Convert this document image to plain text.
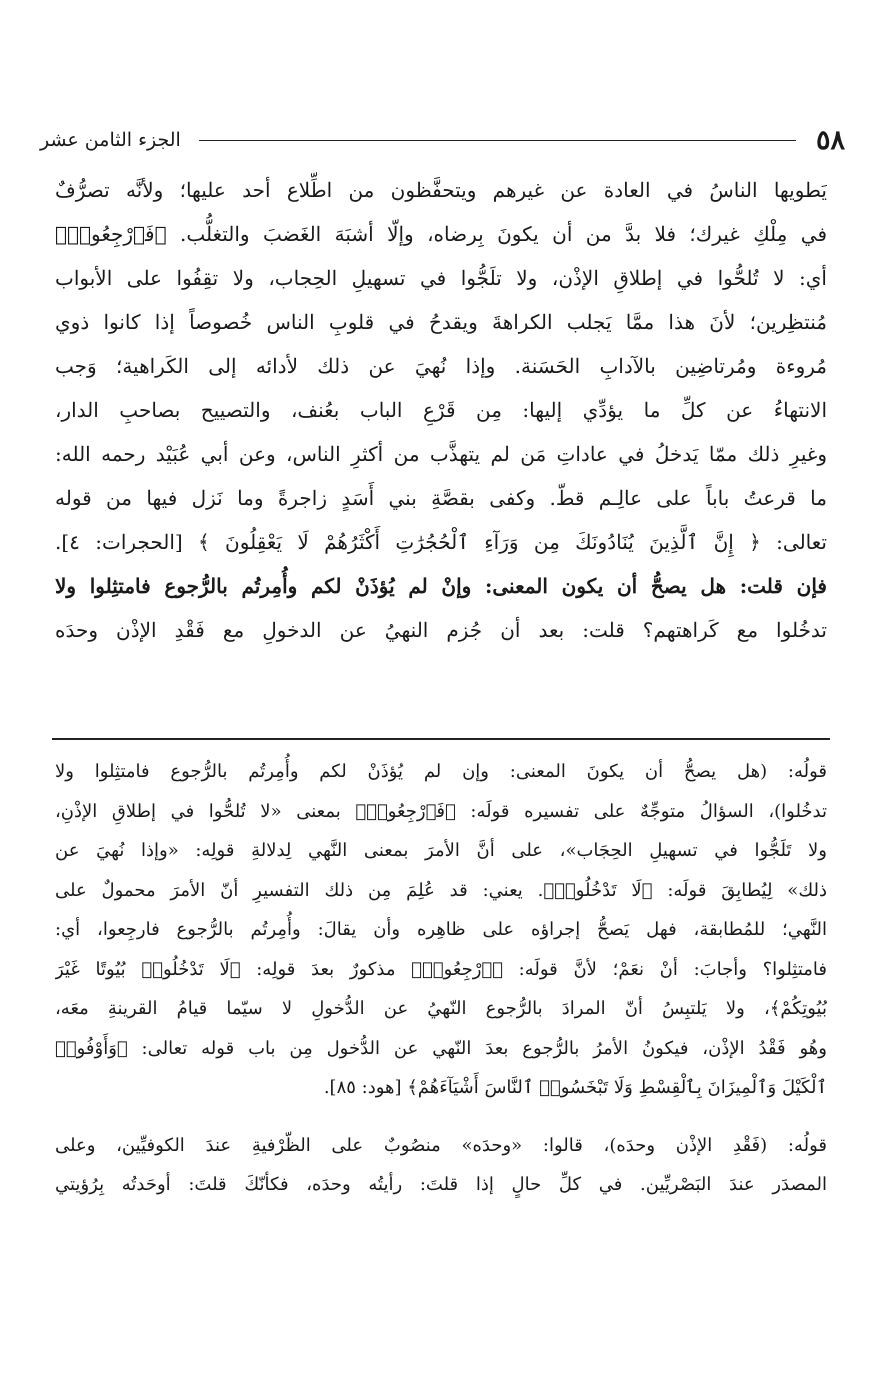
٥٨
الجزء الثامن عشر
يَطويها الناسُ في العادة عن غيرهم ويتحفَّظون من اطِّلاع أحد عليها؛ ولأنَّه تصرُّفٌ
في مِلْكِ غيرك؛ فلا بدَّ من أن يكونَ بِرضاه، وإلّا أشبَهَ الغَضبَ والتغلُّب. ﴿فَٱرْجِعُوا۟﴾
أي: لا تُلحُّوا في إطلاقِ الإذْن، ولا تلَجُّوا في تسهيلِ الحِجاب، ولا تقِفُوا على الأبواب
مُنتظِرين؛ لأنَ هذا ممَّا يَجلب الكراهةَ ويقدحُ في قلوبِ الناس خُصوصاً إذا كانوا ذوي
مُروءة ومُرتاضِين بالآدابِ الحَسَنة. وإذا نُهيَ عن ذلك لأدائه إلى الكَراهية؛ وَجب
الانتهاءُ عن كلِّ ما يؤدِّي إليها: مِن قَرْعِ الباب بعُنف، والتصييح بصاحبِ الدار،
وغيرِ ذلك ممّا يَدخلُ في عاداتِ مَن لم يتهذَّب من أكثرِ الناس، وعن أبي عُبَيْد رحمه الله:
ما قرعتُ باباً على عالِـم قطّ. وكفى بقصَّةِ بني أَسَدٍ زاجرةً وما نَزل فيها من قوله
تعالى: ﴿ إِنَّ ٱلَّذِينَ يُنَادُونَكَ مِن وَرَآءِ ٱلْحُجُرَٰتِ أَكْثَرُهُمْ لَا يَعْقِلُونَ ﴾ [الحجرات: ٤].
فإن قلت: هل يصحُّ أن يكون المعنى: وإنْ لم يُؤذَنْ لكم وأُمِرتُم بالرُّجوع فامتثِلوا ولا
تدخُلوا مع كَراهتهم؟ قلت: بعد أن جُزم النهيُ عن الدخولِ مع فَقْدِ الإذْن وحدَه
قولُه: (هل يصحُّ أن يكونَ المعنى: وإن لم يُؤذَنْ لكم وأُمِرتُم بالرُّجوع فامتثِلوا ولا
تدخُلوا)، السؤالُ متوجِّهٌ على تفسيره قولَه: ﴿فَٱرْجِعُوا۟﴾ بمعنى «لا تُلحُّوا في إطلاقِ الإذْنِ،
ولا تَلَجُّوا في تسهيلِ الحِجَاب»، على أنَّ الأمرَ بمعنى النَّهي لِدلالةِ قولِه: «وإذا نُهيَ عن
ذلك» لِيُطابِقَ قولَه: ﴿لَا تَدْخُلُوا۟﴾. يعني: قد عُلِمَ مِن ذلك التفسيرِ أنّ الأمرَ محمولٌ على
النَّهي؛ للمُطابقة، فهل يَصحُّ إجراؤه على ظاهِره وأن يقالَ: وأُمِرتُم بالرُّجوع فارجِعوا، أي:
فامتثِلوا؟ وأجابَ: أنْ نعَمْ؛ لأنَّ قولَه: ﴿ٱرْجِعُوا۟﴾ مذكورٌ بعدَ قولِه: ﴿لَا تَدْخُلُوا۟ بُيُوتًا غَيْرَ
بُيُوتِكُمْ﴾، ولا يَلتبِسُ أنّ المرادَ بالرُّجوع النّهيُ عن الدُّخولِ لا سيّما قيامُ القرينةِ معَه،
وهُو فَقْدُ الإذْن، فيكونُ الأمرُ بالرُّجوع بعدَ النّهي عن الدُّخول مِن باب قوله تعالى: ﴿وَأَوْفُوا۟
ٱلْكَيْلَ وَٱلْمِيزَانَ بِٱلْقِسْطِ وَلَا تَبْخَسُوا۟ ٱلنَّاسَ أَشْيَآءَهُمْ﴾ [هود: ٨٥].
قولُه: (فَقْدِ الإذْن وحدَه)، قالوا: «وحدَه» منصُوبٌ على الظّرْفيةِ عندَ الكوفيِّين، وعلى
المصدَر عندَ البَصْريِّين. في كلِّ حالٍ إذا قلتَ: رأيتُه وحدَه، فكأنّكَ قلتَ: أوحَدتُه بِرُؤيتي
